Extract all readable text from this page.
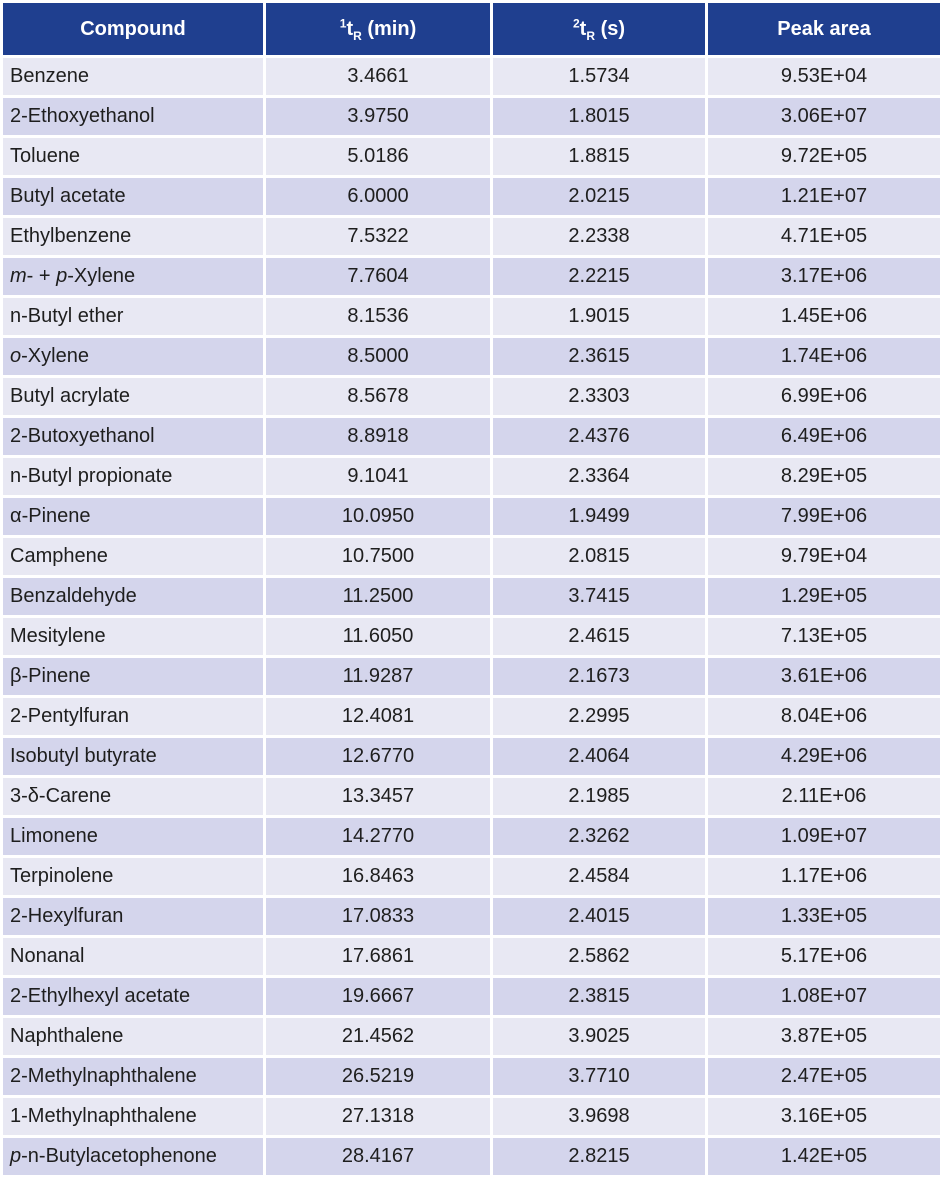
Compound	$^1t_R$ (min)	$^2t_R$ (s)	Peak area
Benzene	3.4661	1.5734	9.53E+04
2-Ethoxyethanol	3.9750	1.8015	3.06E+07
Toluene	5.0186	1.8815	9.72E+05
Butyl acetate	6.0000	2.0215	1.21E+07
Ethylbenzene	7.5322	2.2338	4.71E+05
m- + p-Xylene	7.7604	2.2215	3.17E+06
n-Butyl ether	8.1536	1.9015	1.45E+06
o-Xylene	8.5000	2.3615	1.74E+06
Butyl acrylate	8.5678	2.3303	6.99E+06
2-Butoxyethanol	8.8918	2.4376	6.49E+06
n-Butyl propionate	9.1041	2.3364	8.29E+05
α-Pinene	10.0950	1.9499	7.99E+06
Camphene	10.7500	2.0815	9.79E+04
Benzaldehyde	11.2500	3.7415	1.29E+05
Mesitylene	11.6050	2.4615	7.13E+05
β-Pinene	11.9287	2.1673	3.61E+06
2-Pentylfuran	12.4081	2.2995	8.04E+06
Isobutyl butyrate	12.6770	2.4064	4.29E+06
3-δ-Carene	13.3457	2.1985	2.11E+06
Limonene	14.2770	2.3262	1.09E+07
Terpinolene	16.8463	2.4584	1.17E+06
2-Hexylfuran	17.0833	2.4015	1.33E+05
Nonanal	17.6861	2.5862	5.17E+06
2-Ethylhexyl acetate	19.6667	2.3815	1.08E+07
Naphthalene	21.4562	3.9025	3.87E+05
2-Methylnaphthalene	26.5219	3.7710	2.47E+05
1-Methylnaphthalene	27.1318	3.9698	3.16E+05
p-n-Butylacetophenone	28.4167	2.8215	1.42E+05
